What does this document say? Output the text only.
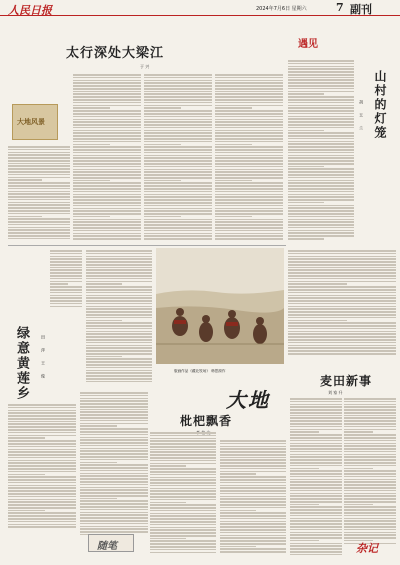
人民日报	2024年7月6日 星期六	7 副刊
太行深处大梁江
于 兴
大地风景
遇见
山村的灯笼
胡 玉 兰
绿意黄莲乡	田 萍 王 俊	版画作品《藏北牧场》 韩思源作
大地
枇杷飘香
麦田新事
刘 家 升
随笔	杂记
